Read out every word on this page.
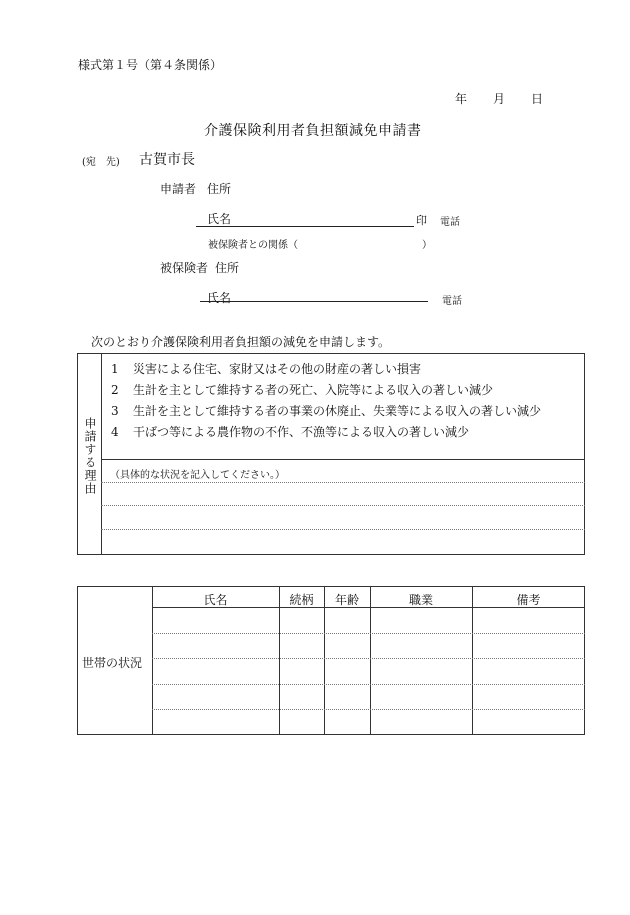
様式第１号（第４条関係）
年 月 日
介護保険利用者負担額減免申請書
(宛　先) 古賀市長
申請者 住所
氏名	印 電話
被保険者との関係（	）
被保険者 住所
氏名	電話
次のとおり介護保険利用者負担額の減免を申請します。
申請する理由
1 災害による住宅、家財又はその他の財産の著しい損害
2 生計を主として維持する者の死亡、入院等による収入の著しい減少
3 生計を主として維持する者の事業の休廃止、失業等による収入の著しい減少
4 干ばつ等による農作物の不作、不漁等による収入の著しい減少
（具体的な状況を記入してください。）
氏名	続柄	年齢	職業	備考
世帯の状況
